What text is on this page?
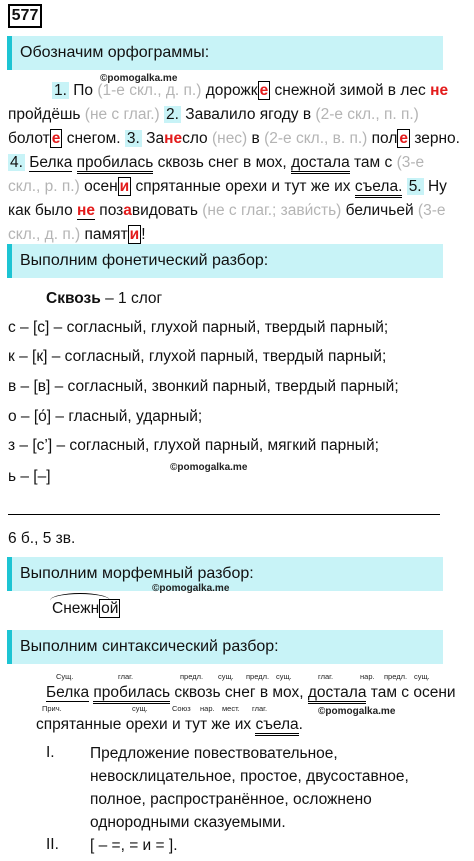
577
Обозначим орфограммы:
©pomogalka.me
1. По (1-е скл., д. п.) дорожк е снежной зимой в лес не
пройдёшь (не с глаг.) 2. Завалило ягоду в (2-е скл., п. п.)
болот е снегом. 3. Занесло (нес) в (2-е скл., в. п.) пол е зерно.
4. Белка пробилась сквозь снег в мох, достала там с (3-е
скл., р. п.) осен и спрятанные орехи и тут же их съела. 5. Ну
как было не позавидовать (не с глаг.; зави́сть) беличьей (3-е
скл., д. п.) памят и !
Выполним фонетический разбор:
Сквозь – 1 слог
с – [с] – согласный, глухой парный, твердый парный;
к – [к] – согласный, глухой парный, твердый парный;
в – [в] – согласный, звонкий парный, твердый парный;
о – [о́] – гласный, ударный;
з – [с’] – согласный, глухой парный, мягкий парный;
©pomogalka.me
ь – [–]
6 б., 5 зв.
Выполним морфемный разбор:
©pomogalka.me
Снежн ой
Выполним синтаксический разбор:
Сущ.	глаг.	предл. сущ. предл. сущ.	глаг.	нар. предл. сущ.
Белка пробилась сквозь снег в мох, достала там с осени
Прич.	сущ.	Союз нар. мест. глаг.	©pomogalka.me
спрятанные орехи и тут же их съела.
I. Предложение повествовательное, невосклицательное, простое, двусоставное, полное, распространённое, осложнено однородными сказуемыми.
II. [ – =, = и = ].
